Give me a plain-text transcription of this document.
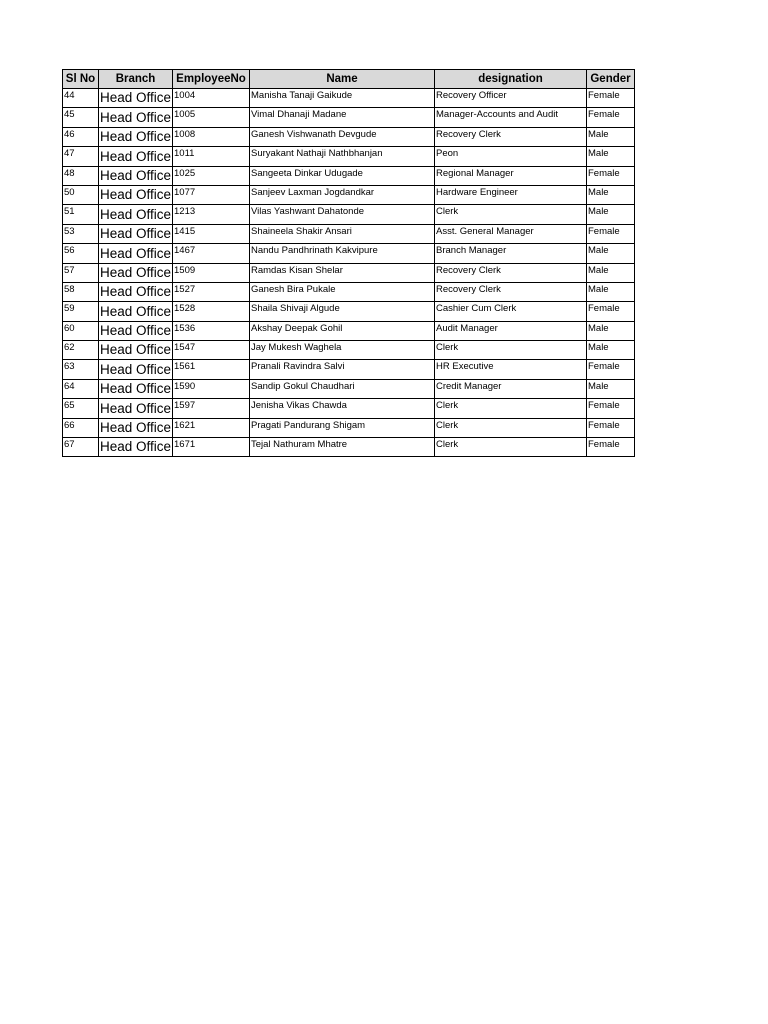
Sl No	Branch	EmployeeNo	Name	designation	Gender
44	Head Office	1004	Manisha Tanaji Gaikude	Recovery Officer	Female
45	Head Office	1005	Vimal Dhanaji Madane	Manager-Accounts and Audit	Female
46	Head Office	1008	Ganesh Vishwanath Devgude	Recovery Clerk	Male
47	Head Office	1011	Suryakant Nathaji Nathbhanjan	Peon	Male
48	Head Office	1025	Sangeeta Dinkar Udugade	Regional Manager	Female
50	Head Office	1077	Sanjeev Laxman Jogdandkar	Hardware Engineer	Male
51	Head Office	1213	Vilas Yashwant Dahatonde	Clerk	Male
53	Head Office	1415	Shaineela Shakir Ansari	Asst. General Manager	Female
56	Head Office	1467	Nandu Pandhrinath Kakvipure	Branch Manager	Male
57	Head Office	1509	Ramdas Kisan Shelar	Recovery Clerk	Male
58	Head Office	1527	Ganesh Bira Pukale	Recovery Clerk	Male
59	Head Office	1528	Shaila Shivaji Algude	Cashier Cum Clerk	Female
60	Head Office	1536	Akshay Deepak Gohil	Audit Manager	Male
62	Head Office	1547	Jay Mukesh Waghela	Clerk	Male
63	Head Office	1561	Pranali Ravindra Salvi	HR Executive	Female
64	Head Office	1590	Sandip Gokul Chaudhari	Credit Manager	Male
65	Head Office	1597	Jenisha Vikas Chawda	Clerk	Female
66	Head Office	1621	Pragati Pandurang Shigam	Clerk	Female
67	Head Office	1671	Tejal Nathuram Mhatre	Clerk	Female
